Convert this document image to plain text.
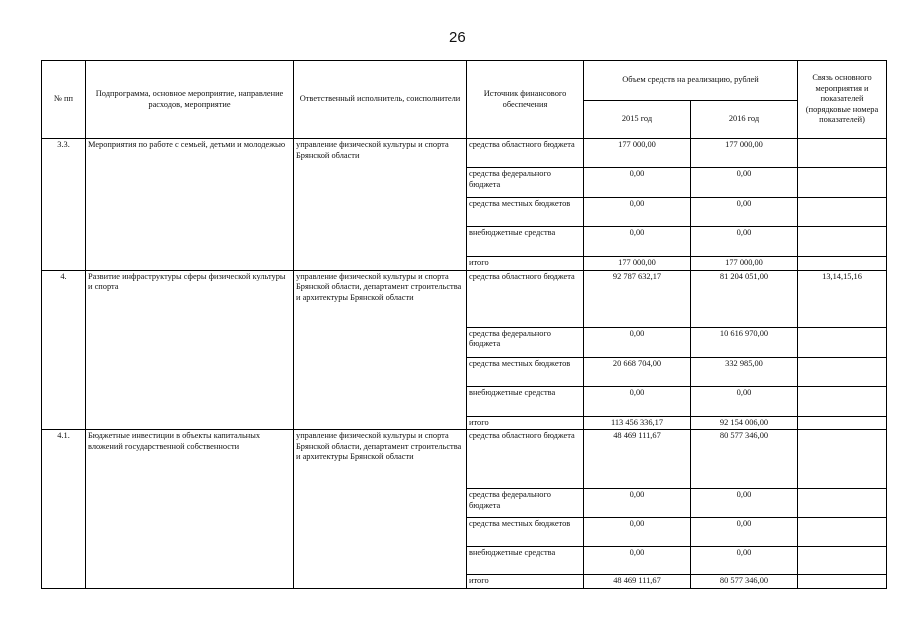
26
№ пп	Подпрограмма, основное мероприятие, направление расходов, мероприятие	Ответственный исполнитель, соисполнители	Источник финансового обеспечения	Объем средств на реализацию, рублей		Связь основного мероприятия и показателей (порядковые номера показателей)
				2015 год	2016 год	
3.3.	Мероприятия по работе с семьей, детьми и молодежью	управление физической культуры и спорта Брянской области	средства областного бюджета	177 000,00	177 000,00	
			средства федерального бюджета	0,00	0,00	
			средства местных бюджетов	0,00	0,00	
			внебюджетные средства	0,00	0,00	
			итого	177 000,00	177 000,00	
4.	Развитие инфраструктуры сферы физической культуры и спорта	управление физической культуры и спорта Брянской области, департамент строительства и архитектуры Брянской области	средства областного бюджета	92 787 632,17	81 204 051,00	13,14,15,16
			средства федерального бюджета	0,00	10 616 970,00	
			средства местных бюджетов	20 668 704,00	332 985,00	
			внебюджетные средства	0,00	0,00	
			итого	113 456 336,17	92 154 006,00	
4.1.	Бюджетные инвестиции в объекты капитальных вложений государственной собственности	управление физической культуры и спорта Брянской области, департамент строительства и архитектуры Брянской области	средства областного бюджета	48 469 111,67	80 577 346,00	
			средства федерального бюджета	0,00	0,00	
			средства местных бюджетов	0,00	0,00	
			внебюджетные средства	0,00	0,00	
			итого	48 469 111,67	80 577 346,00	
